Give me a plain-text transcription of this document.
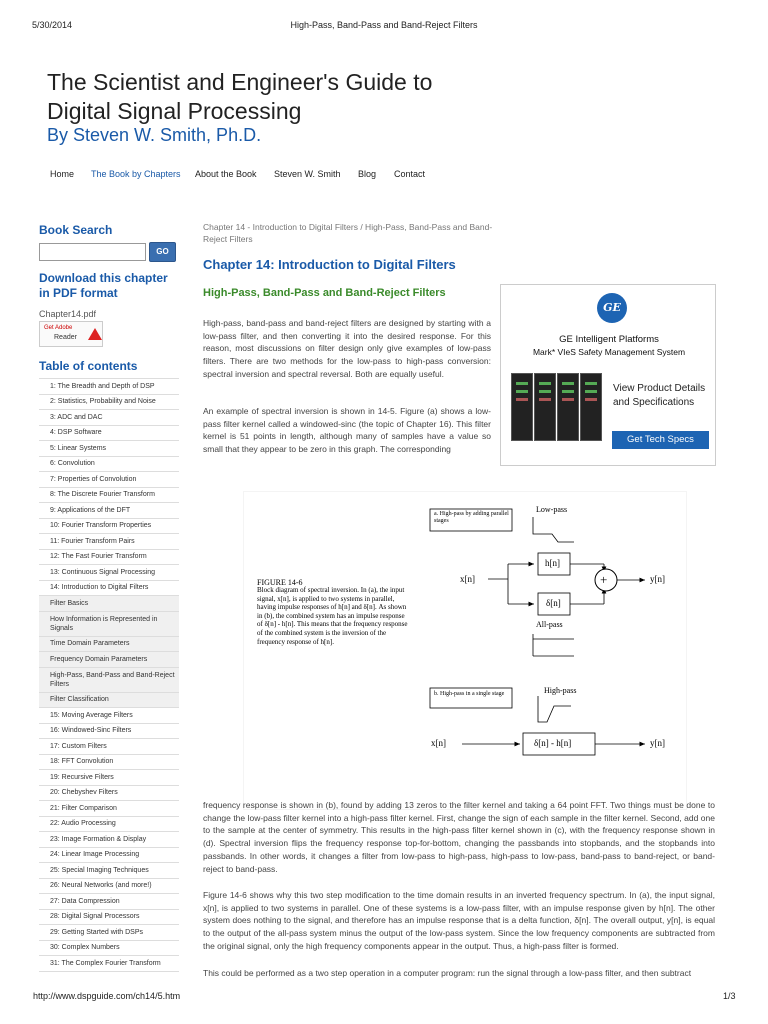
5/30/2014	High-Pass, Band-Pass and Band-Reject Filters
The Scientist and Engineer's Guide to
Digital Signal Processing
By Steven W. Smith, Ph.D.
Home The Book by Chapters About the Book Steven W. Smith Blog Contact
Book Search
GO
Download this chapter in PDF format
Chapter14.pdf
Get Adobe
Reader
Table of contents
1: The Breadth and Depth of DSP
2: Statistics, Probability and Noise
3: ADC and DAC
4: DSP Software
5: Linear Systems
6: Convolution
7: Properties of Convolution
8: The Discrete Fourier Transform
9: Applications of the DFT
10: Fourier Transform Properties
11: Fourier Transform Pairs
12: The Fast Fourier Transform
13: Continuous Signal Processing
14: Introduction to Digital Filters
Filter Basics
How Information is Represented in Signals
Time Domain Parameters
Frequency Domain Parameters
High-Pass, Band-Pass and Band-Reject Filters
Filter Classification
15: Moving Average Filters
16: Windowed-Sinc Filters
17: Custom Filters
18: FFT Convolution
19: Recursive Filters
20: Chebyshev Filters
21: Filter Comparison
22: Audio Processing
23: Image Formation & Display
24: Linear Image Processing
25: Special Imaging Techniques
26: Neural Networks (and more!)
27: Data Compression
28: Digital Signal Processors
29: Getting Started with DSPs
30: Complex Numbers
31: The Complex Fourier Transform
Chapter 14 - Introduction to Digital Filters / High-Pass, Band-Pass and Band-Reject Filters
Chapter 14: Introduction to Digital Filters
High-Pass, Band-Pass and Band-Reject Filters
High-pass, band-pass and band-reject filters are designed by starting with a low-pass filter, and then converting it into the desired response. For this reason, most discussions on filter design only give examples of low-pass filters. There are two methods for the low-pass to high-pass conversion: spectral inversion and spectral reversal. Both are equally useful.
An example of spectral inversion is shown in 14-5. Figure (a) shows a low-pass filter kernel called a windowed-sinc (the topic of Chapter 16). This filter kernel is 51 points in length, although many of samples have a value so small that they appear to be zero in this graph. The corresponding
GE
GE Intelligent Platforms
Mark* VIeS Safety Management System
View Product Details and Specifications
Get Tech Specs
a. High-pass by adding parallel stages
Low-pass
FIGURE 14-6
Block diagram of spectral inversion. In (a), the input signal, x[n], is applied to two systems in parallel, having impulse responses of h[n] and δ[n]. As shown in (b), the combined system has an impulse response of δ[n] - h[n]. This means that the frequency response of the combined system is the inversion of the frequency response of h[n].
x[n]
h[n]
δ[n]
+	y[n]
All-pass
b. High-pass in a single stage	High-pass
x[n]	δ[n] - h[n]	y[n]
frequency response is shown in (b), found by adding 13 zeros to the filter kernel and taking a 64 point FFT. Two things must be done to change the low-pass filter kernel into a high-pass filter kernel. First, change the sign of each sample in the filter kernel. Second, add one to the sample at the center of symmetry. This results in the high-pass filter kernel shown in (c), with the frequency response shown in (d). Spectral inversion flips the frequency response top-for-bottom, changing the passbands into stopbands, and the stopbands into passbands. In other words, it changes a filter from low-pass to high-pass, high-pass to low-pass, band-pass to band-reject, or band-reject to band-pass.
Figure 14-6 shows why this two step modification to the time domain results in an inverted frequency spectrum. In (a), the input signal, x[n], is applied to two systems in parallel. One of these systems is a low-pass filter, with an impulse response given by h[n]. The other system does nothing to the signal, and therefore has an impulse response that is a delta function, δ[n]. The overall output, y[n], is equal to the output of the all-pass system minus the output of the low-pass system. Since the low frequency components are subtracted from the original signal, only the high frequency components appear in the output. Thus, a high-pass filter is formed.
This could be performed as a two step operation in a computer program: run the signal through a low-pass filter, and then subtract
http://www.dspguide.com/ch14/5.htm	1/3
